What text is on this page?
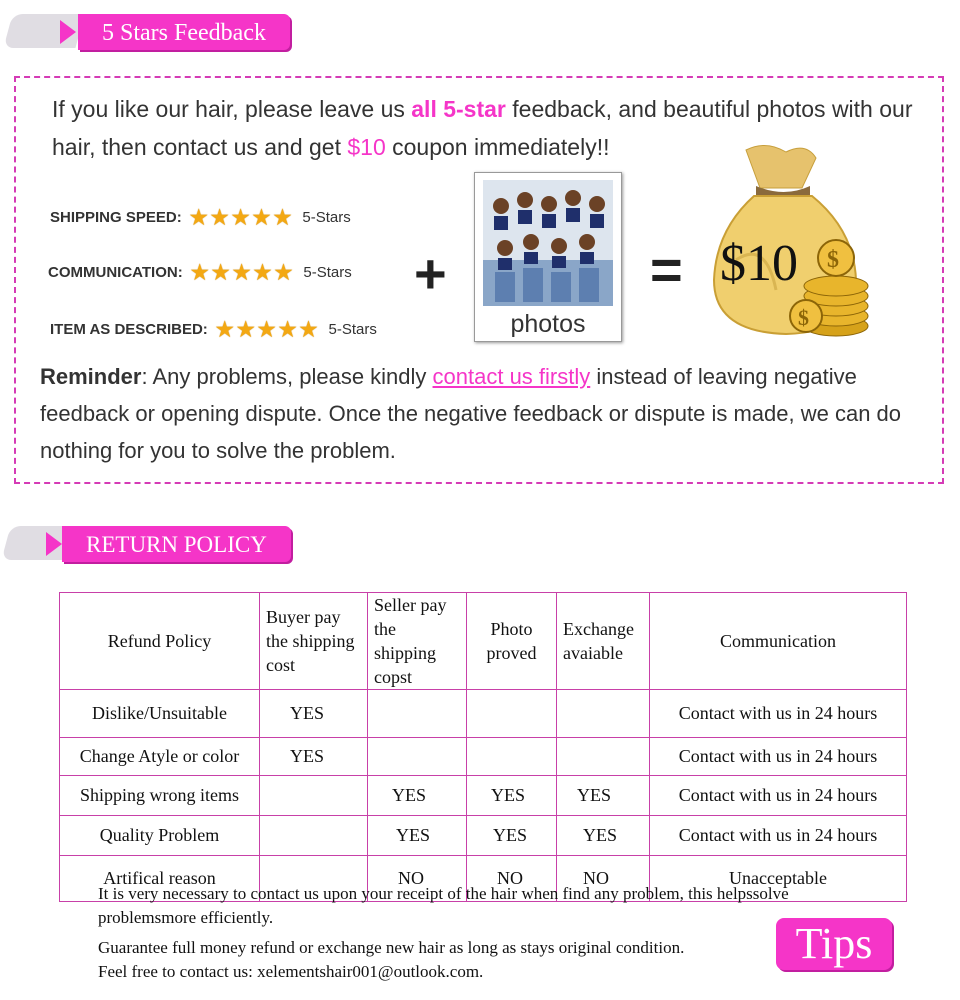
5 Stars Feedback
If you like our hair, please leave us all 5-star feedback, and beautiful photos with our hair, then contact us and get $10 coupon immediately!!
SHIPPING SPEED: ★ ★ ★ ★ ★ 5-Stars
COMMUNICATION: ★ ★ ★ ★ ★ 5-Stars
ITEM AS DESCRIBED: ★ ★ ★ ★ ★ 5-Stars
+
photos
= $10 $
$
Reminder: Any problems, please kindly contact us firstly instead of leaving negative feedback or opening dispute. Once the negative feedback or dispute is made, we can do nothing for you to solve the problem.
RETURN POLICY
Refund Policy	Buyer pay the shipping cost	Seller pay the shipping copst	Photo proved	Exchange avaiable	Communication
Dislike/Unsuitable	YES				Contact with us in 24 hours
Change Atyle or color	YES				Contact with us in 24 hours
Shipping wrong items		YES	YES	YES	Contact with us in 24 hours
Quality Problem		YES	YES	YES	Contact with us in 24 hours
Artifical reason		NO	NO	NO	Unacceptable

It is very necessary to contact us upon your receipt of the hair when find any problem, this helpssolve problemsmore efficiently.

Guarantee full money refund or exchange new hair as long as stays original condition.

Feel free to contact us: xelementshair001@outlook.com.

Tips
